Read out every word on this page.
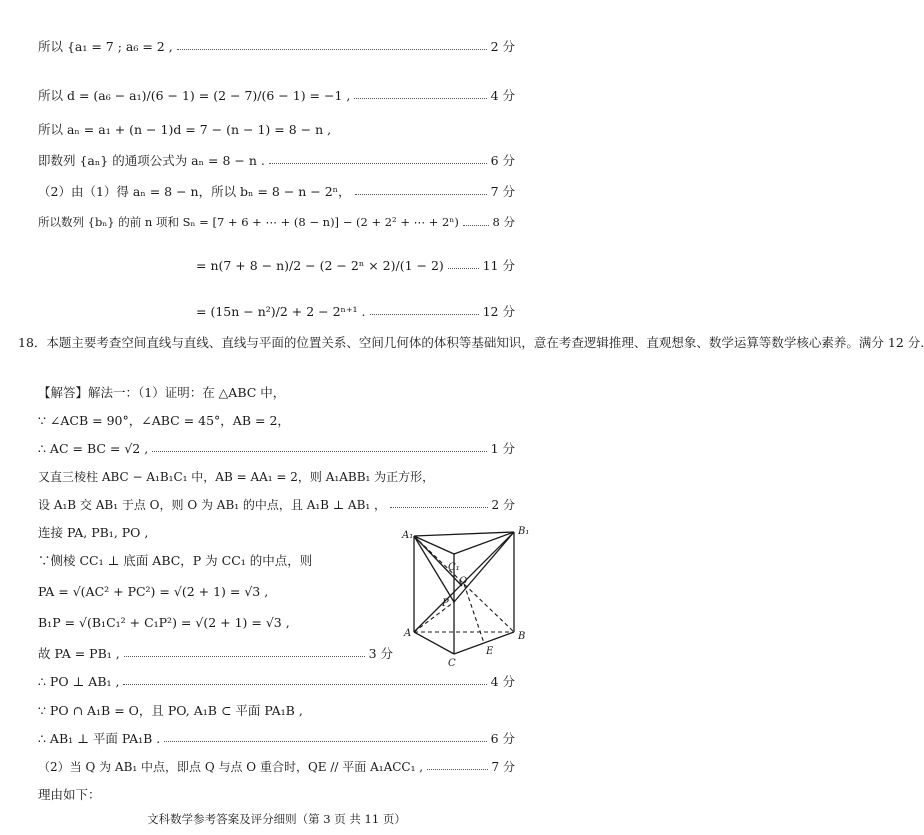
所以 {a₁ = 7 ; a₆ = 2 ,	2 分
所以 d = (a₆ − a₁)/(6 − 1) = (2 − 7)/(6 − 1) = −1 ,	4 分
所以 aₙ = a₁ + (n − 1)d = 7 − (n − 1) = 8 − n ,
即数列 {aₙ} 的通项公式为 aₙ = 8 − n .	6 分
（2）由（1）得 aₙ = 8 − n，所以 bₙ = 8 − n − 2ⁿ，	7 分
所以数列 {bₙ} 的前 n 项和 Sₙ = [7 + 6 + ⋯ + (8 − n)] − (2 + 2² + ⋯ + 2ⁿ)	8 分
= n(7 + 8 − n)/2 − (2 − 2ⁿ × 2)/(1 − 2)	11 分
= (15n − n²)/2 + 2 − 2ⁿ⁺¹ .	12 分
18．本题主要考查空间直线与直线、直线与平面的位置关系、空间几何体的体积等基础知识，意在考查逻辑推理、直观想象、数学运算等数学核心素养。满分 12 分.
【解答】解法一：（1）证明：在 △ABC 中，
∵ ∠ACB = 90°，∠ABC = 45°，AB = 2，
∴ AC = BC = √2 ,	1 分
又直三棱柱 ABC − A₁B₁C₁ 中，AB = AA₁ = 2，则 A₁ABB₁ 为正方形，
设 A₁B 交 AB₁ 于点 O，则 O 为 AB₁ 的中点，且 A₁B ⊥ AB₁ ，	2 分
连接 PA, PB₁, PO ,
∵侧棱 CC₁ ⊥ 底面 ABC，P 为 CC₁ 的中点，则
PA = √(AC² + PC²) = √(2 + 1) = √3 ,
B₁P = √(B₁C₁² + C₁P²) = √(2 + 1) = √3 ,
故 PA = PB₁ ,	3 分
∴ PO ⊥ AB₁ ,	4 分
∵ PO ∩ A₁B = O，且 PO, A₁B ⊂ 平面 PA₁B ,
∴ AB₁ ⊥ 平面 PA₁B .	6 分
（2）当 Q 为 AB₁ 中点，即点 Q 与点 O 重合时，QE // 平面 A₁ACC₁ ,	7 分
理由如下：
A₁	B₁
C₁
O
P
A	B
C
E
文科数学参考答案及评分细则（第 3 页 共 11 页）
